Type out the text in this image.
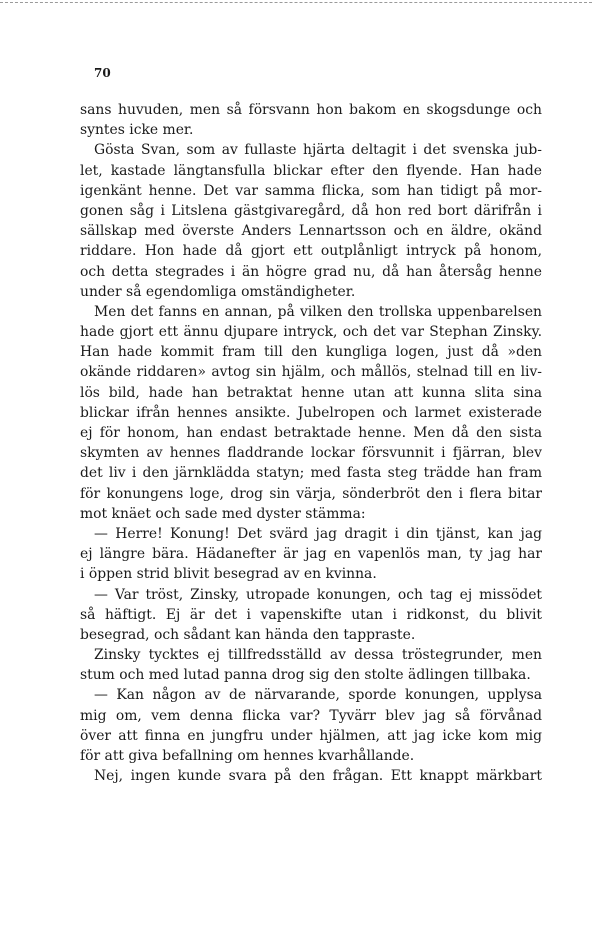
70
sans huvuden, men så försvann hon bakom en skogsdunge och
syntes icke mer.
Gösta Svan, som av fullaste hjärta deltagit i det svenska jub-
let, kastade längtansfulla blickar efter den flyende. Han hade
igenkänt henne. Det var samma flicka, som han tidigt på mor-
gonen såg i Litslena gästgivaregård, då hon red bort därifrån i
sällskap med överste Anders Lennartsson och en äldre, okänd
riddare. Hon hade då gjort ett outplånligt intryck på honom,
och detta stegrades i än högre grad nu, då han återsåg henne
under så egendomliga omständigheter.
Men det fanns en annan, på vilken den trollska uppenbarelsen
hade gjort ett ännu djupare intryck, och det var Stephan Zinsky.
Han hade kommit fram till den kungliga logen, just då »den
okände riddaren» avtog sin hjälm, och mållös, stelnad till en liv-
lös bild, hade han betraktat henne utan att kunna slita sina
blickar ifrån hennes ansikte. Jubelropen och larmet existerade
ej för honom, han endast betraktade henne. Men då den sista
skymten av hennes fladdrande lockar försvunnit i fjärran, blev
det liv i den järnklädda statyn; med fasta steg trädde han fram
för konungens loge, drog sin värja, sönderbröt den i flera bitar
mot knäet och sade med dyster stämma:
— Herre! Konung! Det svärd jag dragit i din tjänst, kan jag
ej längre bära. Hädanefter är jag en vapenlös man, ty jag har
i öppen strid blivit besegrad av en kvinna.
— Var tröst, Zinsky, utropade konungen, och tag ej missödet
så häftigt. Ej är det i vapenskifte utan i ridkonst, du blivit
besegrad, och sådant kan hända den tappraste.
Zinsky tycktes ej tillfredsställd av dessa tröstegrunder, men
stum och med lutad panna drog sig den stolte ädlingen tillbaka.
— Kan någon av de närvarande, sporde konungen, upplysa
mig om, vem denna flicka var? Tyvärr blev jag så förvånad
över att finna en jungfru under hjälmen, att jag icke kom mig
för att giva befallning om hennes kvarhållande.
Nej, ingen kunde svara på den frågan. Ett knappt märkbart
